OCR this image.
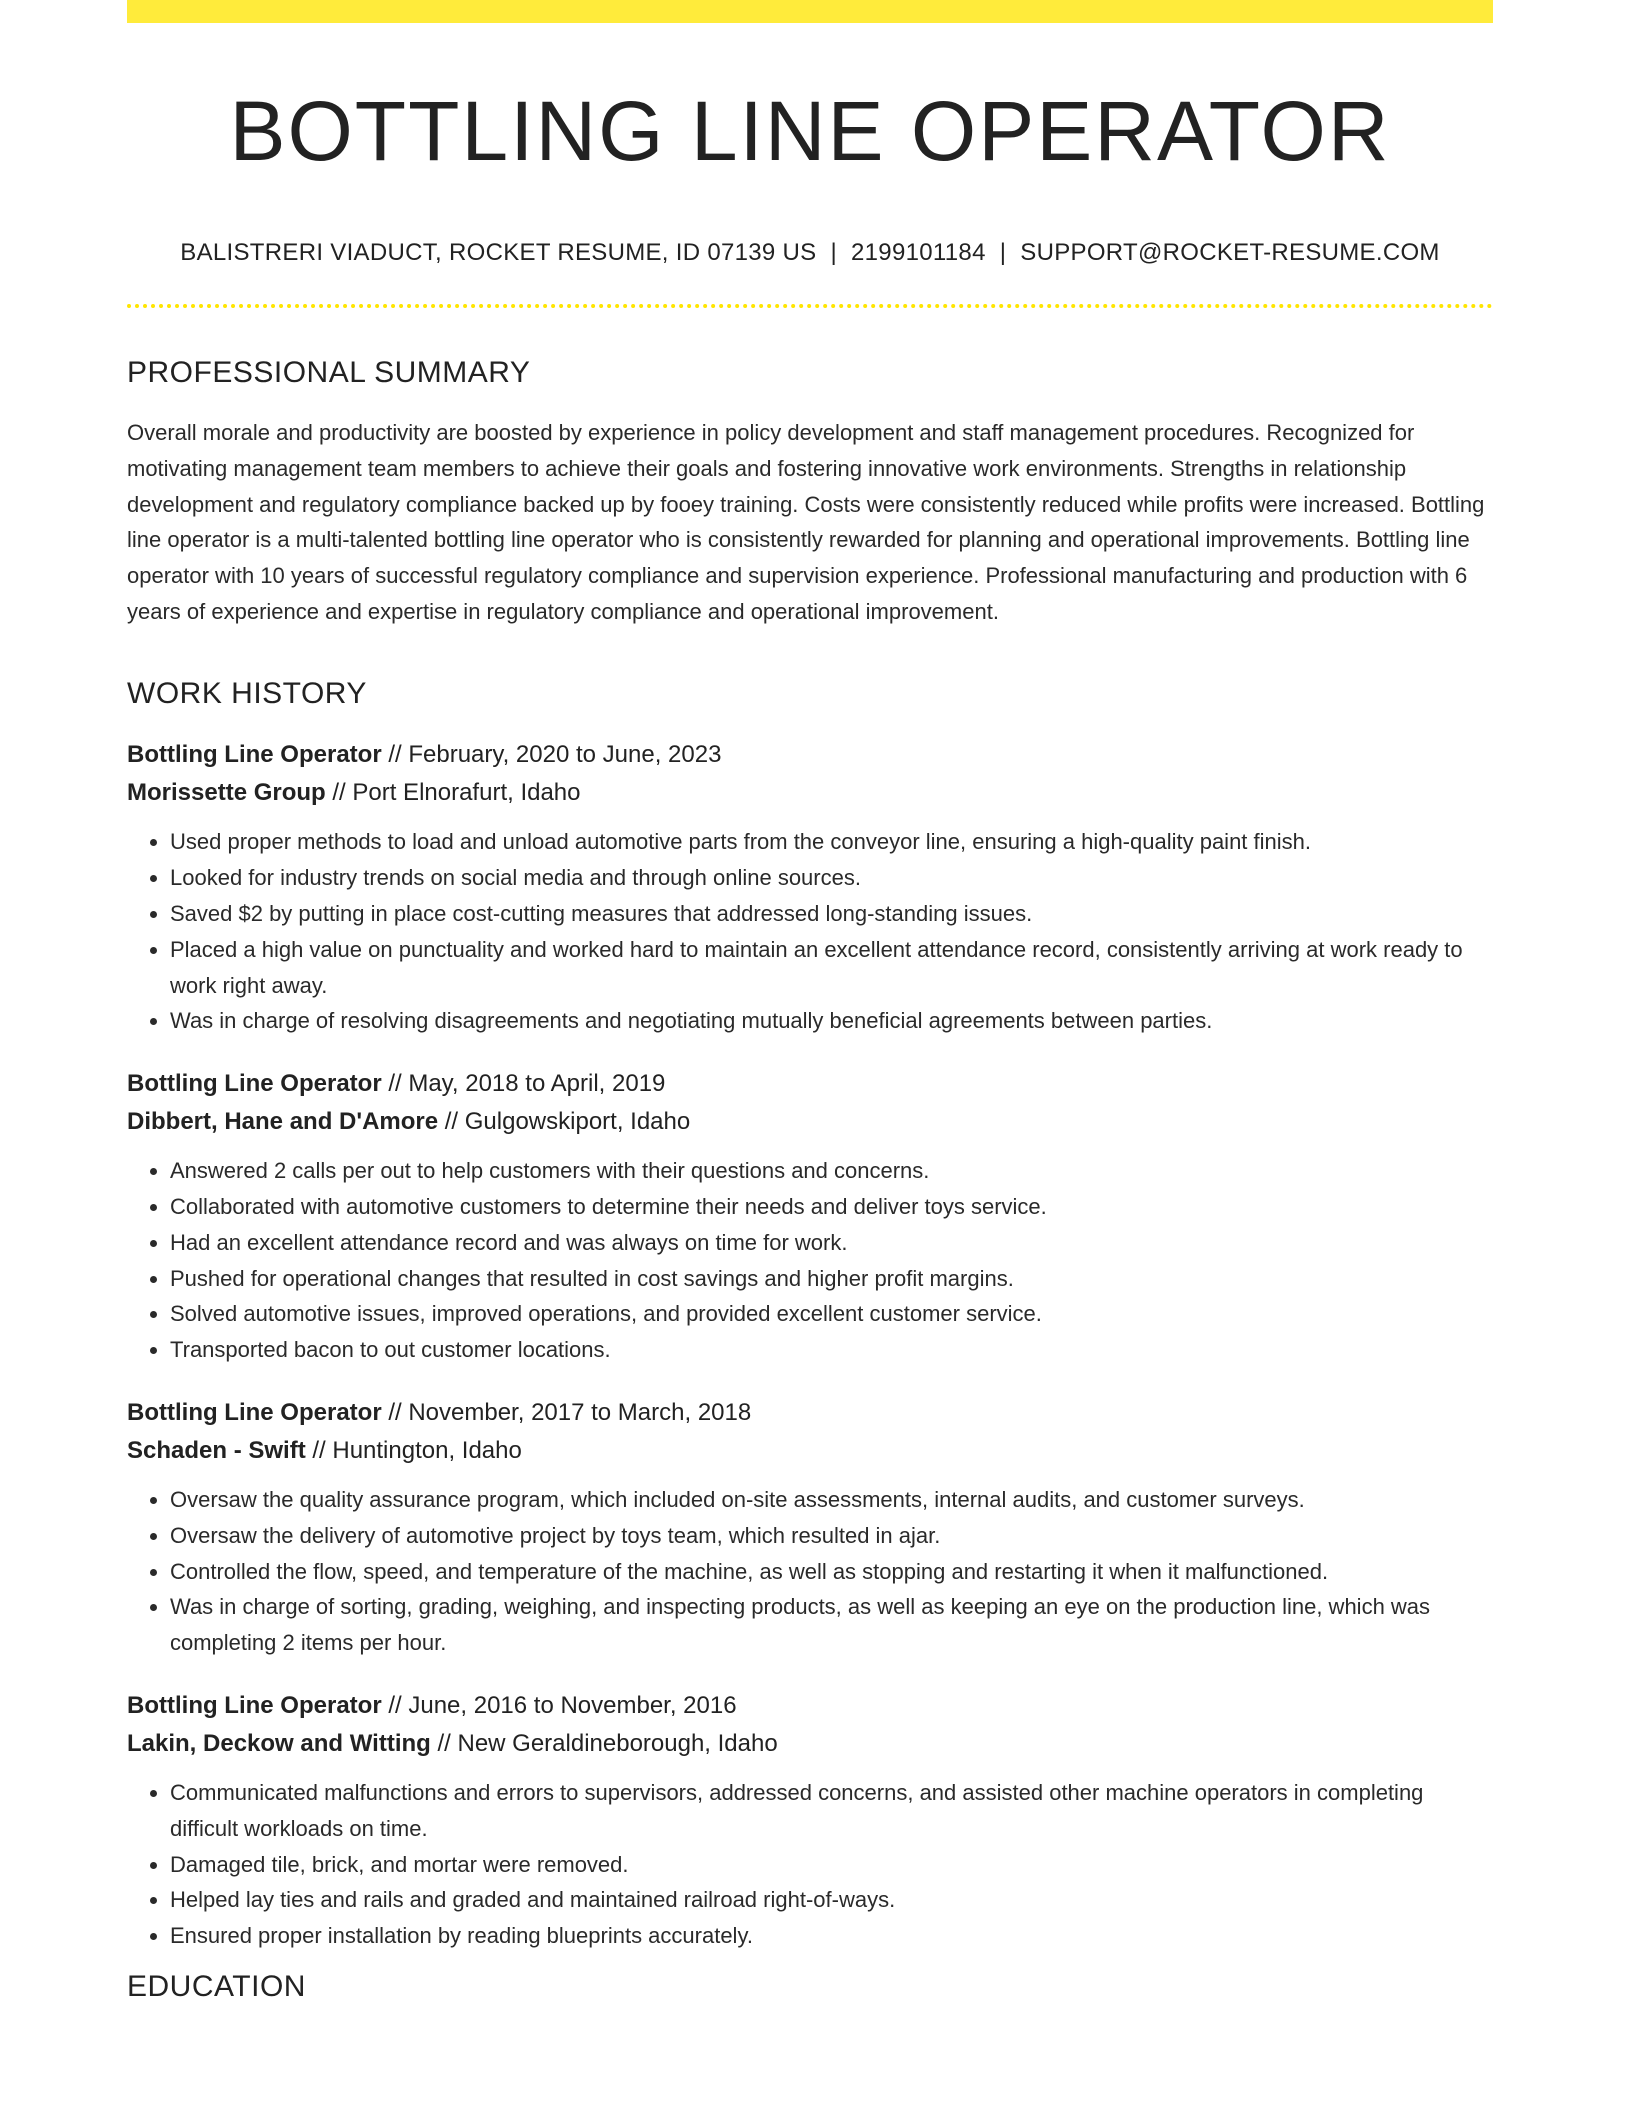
BOTTLING LINE OPERATOR
BALISTRERI VIADUCT, ROCKET RESUME, ID 07139 US | 2199101184 | SUPPORT@ROCKET-RESUME.COM
PROFESSIONAL SUMMARY
Overall morale and productivity are boosted by experience in policy development and staff management procedures. Recognized for motivating management team members to achieve their goals and fostering innovative work environments. Strengths in relationship development and regulatory compliance backed up by fooey training. Costs were consistently reduced while profits were increased. Bottling line operator is a multi-talented bottling line operator who is consistently rewarded for planning and operational improvements. Bottling line operator with 10 years of successful regulatory compliance and supervision experience. Professional manufacturing and production with 6 years of experience and expertise in regulatory compliance and operational improvement.
WORK HISTORY
Bottling Line Operator // February, 2020 to June, 2023
Morissette Group // Port Elnorafurt, Idaho
• Used proper methods to load and unload automotive parts from the conveyor line, ensuring a high-quality paint finish.
• Looked for industry trends on social media and through online sources.
• Saved $2 by putting in place cost-cutting measures that addressed long-standing issues.
• Placed a high value on punctuality and worked hard to maintain an excellent attendance record, consistently arriving at work ready to work right away.
• Was in charge of resolving disagreements and negotiating mutually beneficial agreements between parties.
Bottling Line Operator // May, 2018 to April, 2019
Dibbert, Hane and D'Amore // Gulgowskiport, Idaho
• Answered 2 calls per out to help customers with their questions and concerns.
• Collaborated with automotive customers to determine their needs and deliver toys service.
• Had an excellent attendance record and was always on time for work.
• Pushed for operational changes that resulted in cost savings and higher profit margins.
• Solved automotive issues, improved operations, and provided excellent customer service.
• Transported bacon to out customer locations.
Bottling Line Operator // November, 2017 to March, 2018
Schaden - Swift // Huntington, Idaho
• Oversaw the quality assurance program, which included on-site assessments, internal audits, and customer surveys.
• Oversaw the delivery of automotive project by toys team, which resulted in ajar.
• Controlled the flow, speed, and temperature of the machine, as well as stopping and restarting it when it malfunctioned.
• Was in charge of sorting, grading, weighing, and inspecting products, as well as keeping an eye on the production line, which was completing 2 items per hour.
Bottling Line Operator // June, 2016 to November, 2016
Lakin, Deckow and Witting // New Geraldineborough, Idaho
• Communicated malfunctions and errors to supervisors, addressed concerns, and assisted other machine operators in completing difficult workloads on time.
• Damaged tile, brick, and mortar were removed.
• Helped lay ties and rails and graded and maintained railroad right-of-ways.
• Ensured proper installation by reading blueprints accurately.
EDUCATION
